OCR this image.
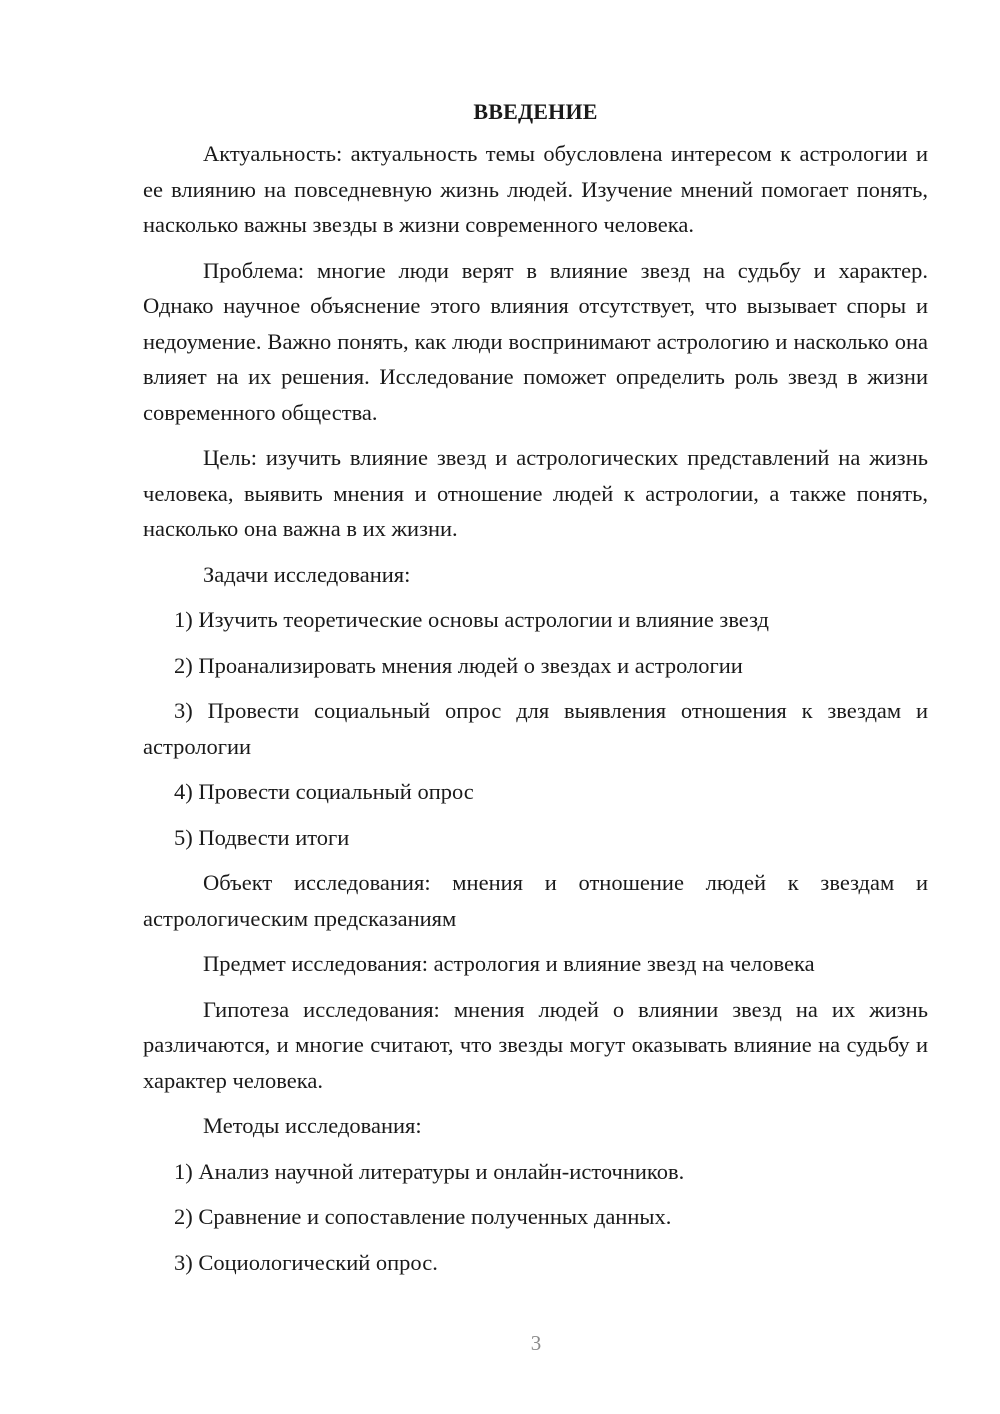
ВВЕДЕНИЕ

Актуальность: актуальность темы обусловлена интересом к астрологии и ее влиянию на повседневную жизнь людей. Изучение мнений помогает понять, насколько важны звезды в жизни современного человека.

Проблема: многие люди верят в влияние звезд на судьбу и характер. Однако научное объяснение этого влияния отсутствует, что вызывает споры и недоумение. Важно понять, как люди воспринимают астрологию и насколько она влияет на их решения. Исследование поможет определить роль звезд в жизни современного общества.

Цель: изучить влияние звезд и астрологических представлений на жизнь человека, выявить мнения и отношение людей к астрологии, а также понять, насколько она важна в их жизни.

Задачи исследования:

1) Изучить теоретические основы астрологии и влияние звезд

2) Проанализировать мнения людей о звездах и астрологии

3) Провести социальный опрос для выявления отношения к звездам и астрологии

4) Провести социальный опрос

5) Подвести итоги

Объект исследования: мнения и отношение людей к звездам и астрологическим предсказаниям

Предмет исследования: астрология и влияние звезд на человека

Гипотеза исследования: мнения людей о влиянии звезд на их жизнь различаются, и многие считают, что звезды могут оказывать влияние на судьбу и характер человека.

Методы исследования:

1) Анализ научной литературы и онлайн-источников.

2) Сравнение и сопоставление полученных данных.

3) Социологический опрос.

3
